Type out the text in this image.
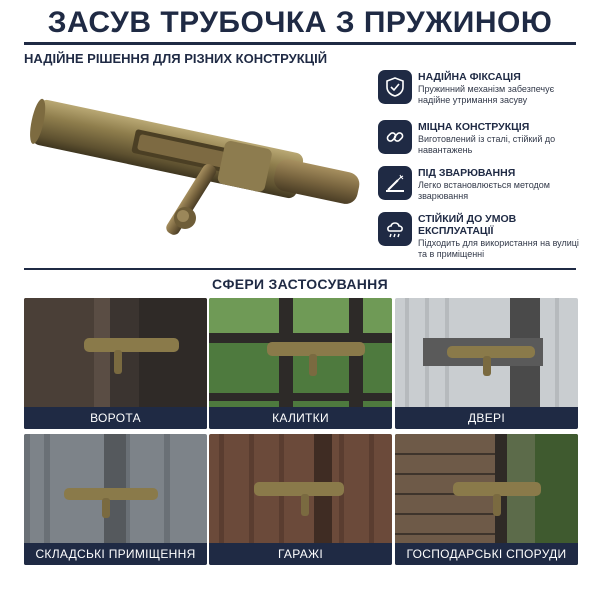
ЗАСУВ ТРУБОЧКА З ПРУЖИНОЮ
НАДІЙНЕ РІШЕННЯ ДЛЯ РІЗНИХ КОНСТРУКЦІЙ
НАДІЙНА ФІКСАЦІЯ
Пружинний механізм забезпечує надійне утримання засуву
МІЦНА КОНСТРУКЦІЯ
Виготовлений із сталі, стійкий до навантажень
ПІД ЗВАРЮВАННЯ
Легко встановлюється методом зварювання
СТІЙКИЙ ДО УМОВ ЕКСПЛУАТАЦІЇ
Підходить для використання на вулиці та в приміщенні
СФЕРИ ЗАСТОСУВАННЯ
ВОРОТА	КАЛИТКИ	ДВЕРІ
СКЛАДСЬКІ ПРИМІЩЕННЯ	ГАРАЖІ	ГОСПОДАРСЬКІ СПОРУДИ
